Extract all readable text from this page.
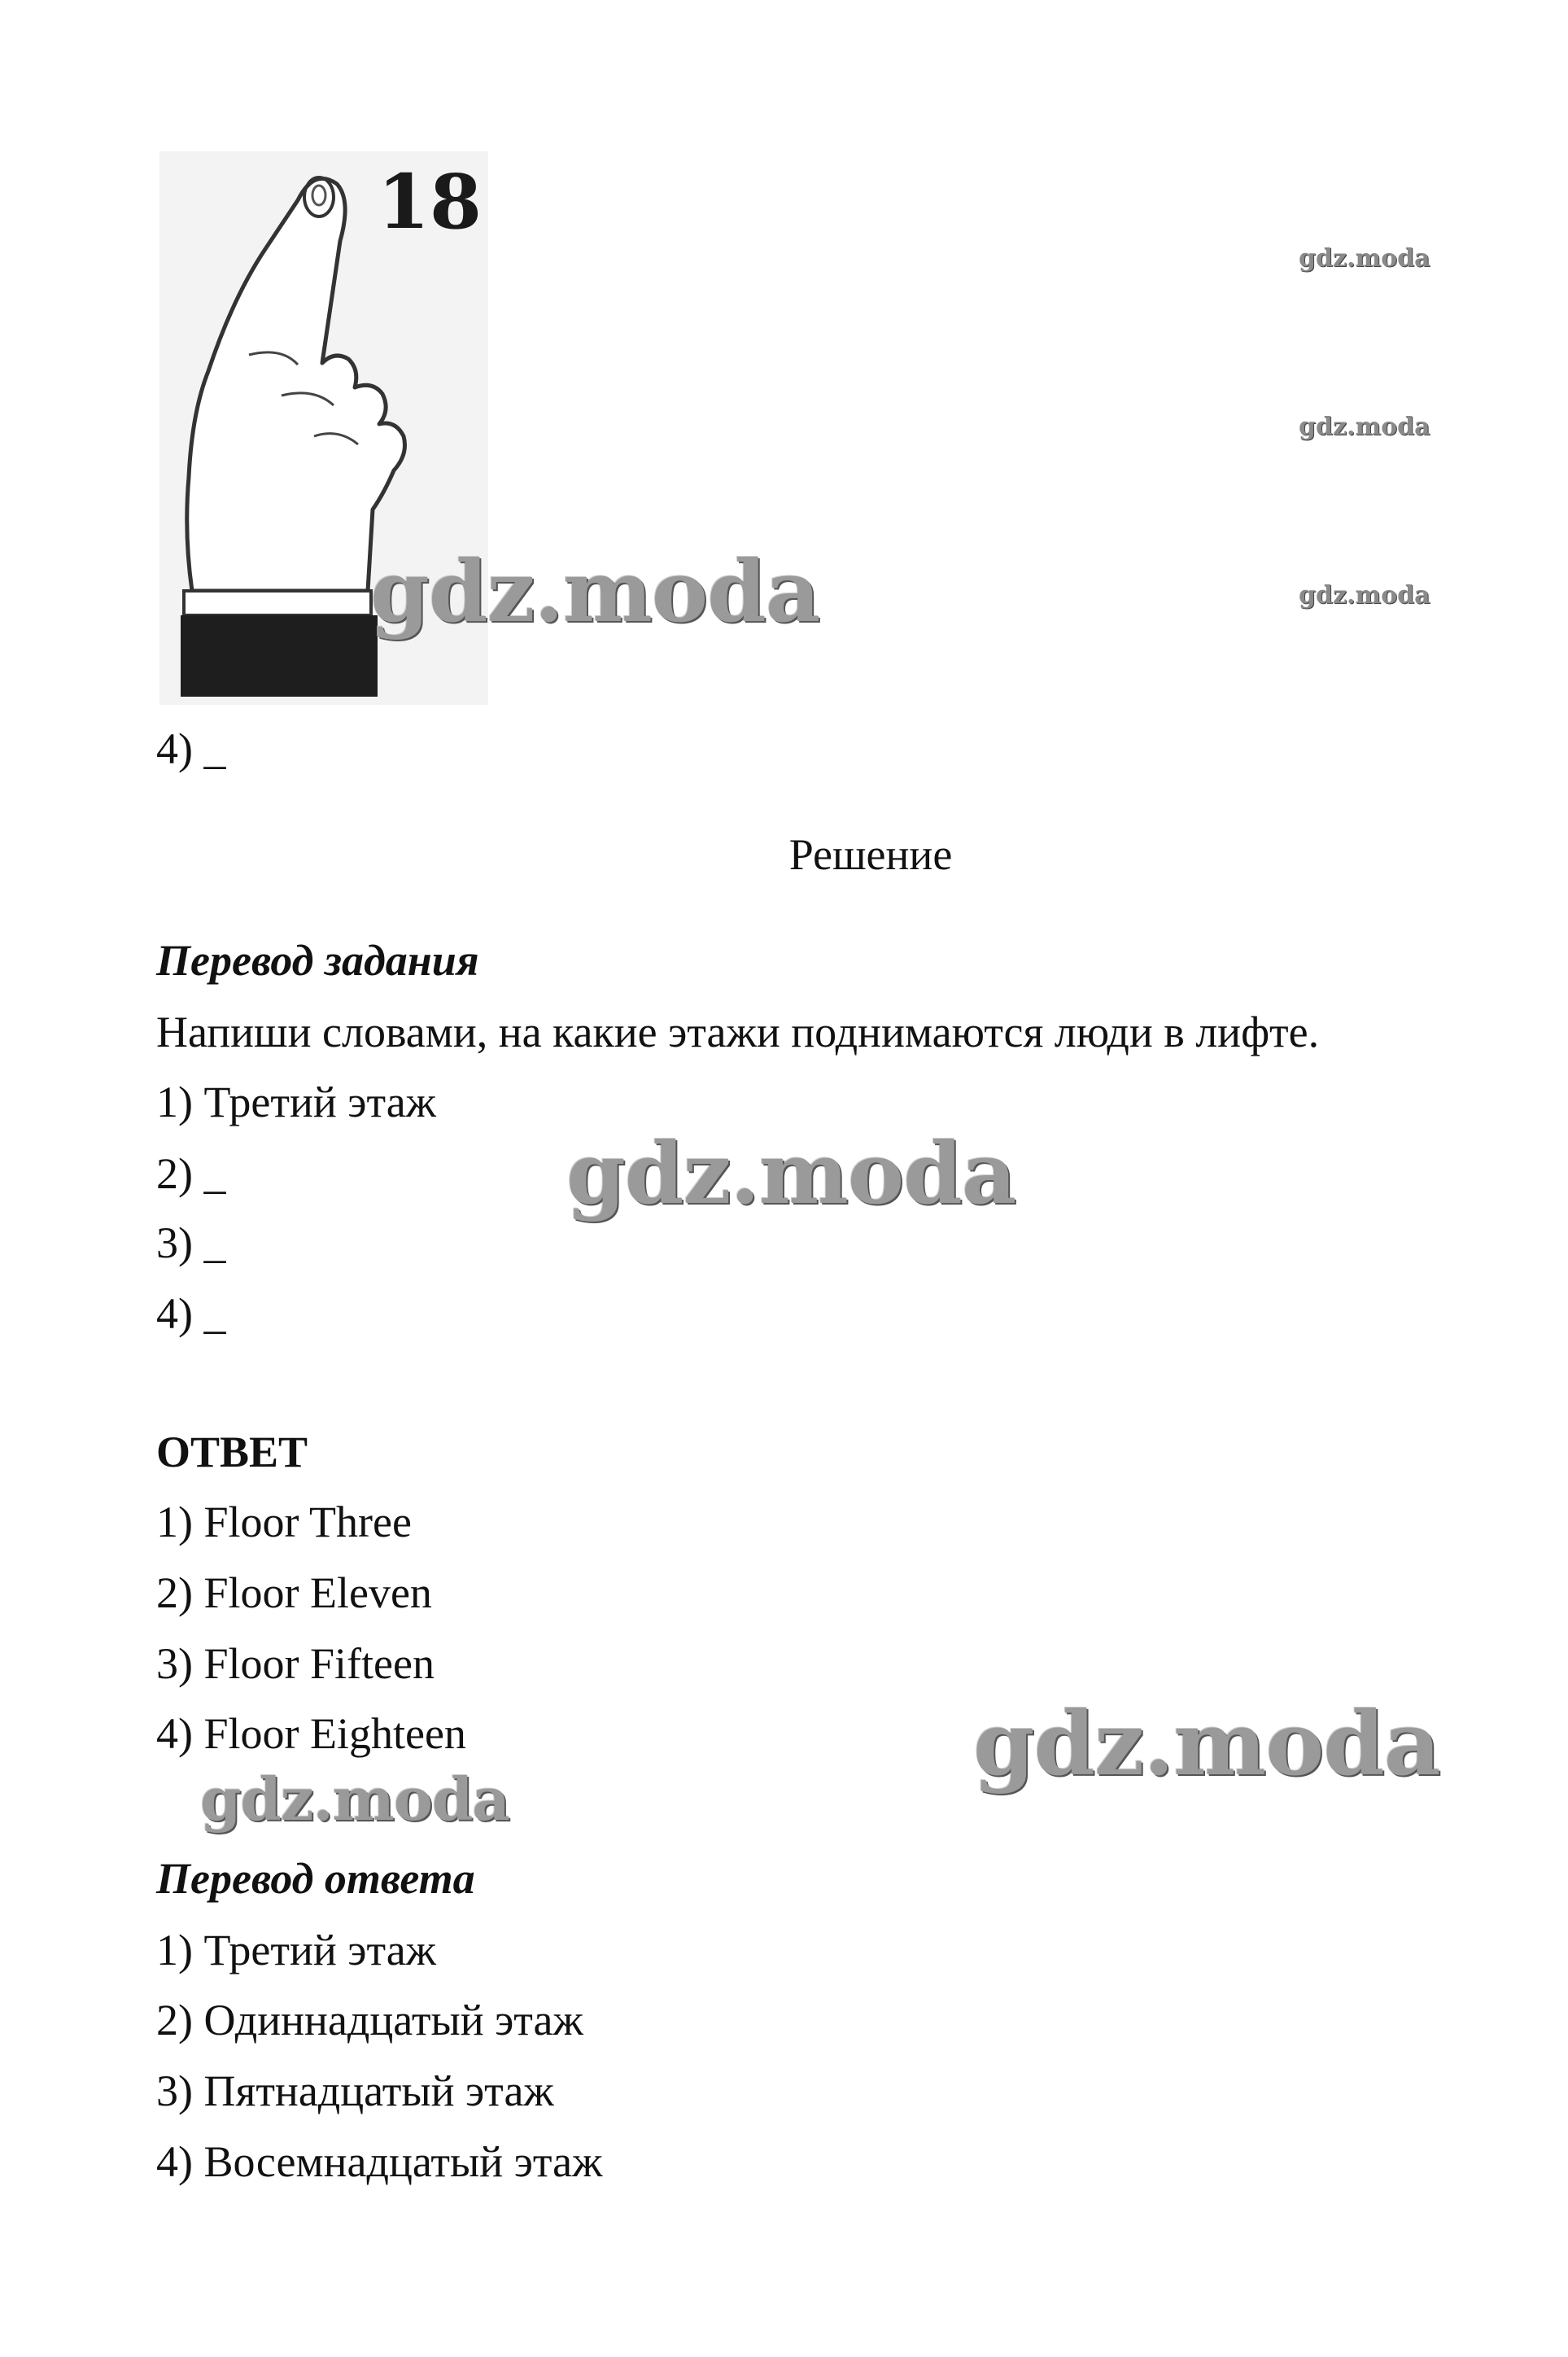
18
gdz.moda
gdz.moda
gdz.moda
gdz.moda
4) _
Решение
Перевод задания
Напиши словами, на какие этажи поднимаются люди в лифте.
1) Третий этаж
2) _
3) _
4) _
gdz.moda
ОТВЕТ
1) Floor Three
2) Floor Eleven
3) Floor Fifteen
4) Floor Eighteen	gdz.moda
gdz.moda
Перевод ответа
1) Третий этаж
2) Одиннадцатый этаж
3) Пятнадцатый этаж
4) Восемнадцатый этаж
